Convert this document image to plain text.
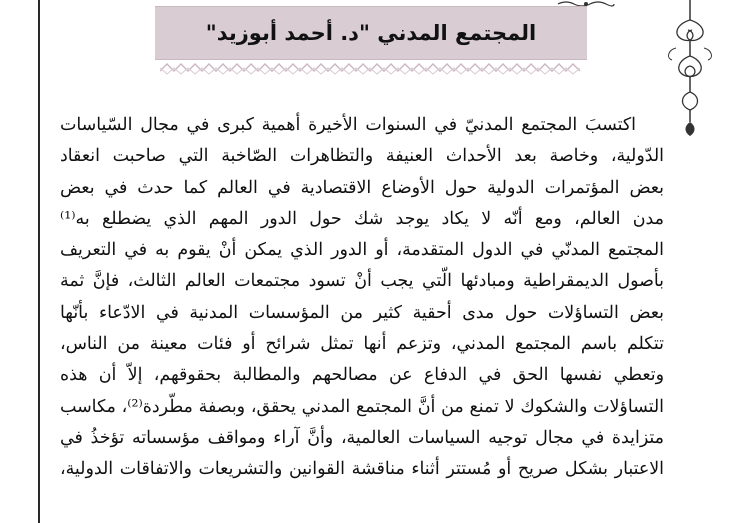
المجتمع المدني "د. أحمد أبوزيد"
اكتسبَ المجتمع المدنيّ في السنوات الأخيرة أهمية كبرى في مجال السّياسات
الدّولية، وخاصة بعد الأحداث العنيفة والتظاهرات الصّاخبة التي صاحبت انعقاد
بعض المؤتمرات الدولية حول الأوضاع الاقتصادية في العالم كما حدث في بعض
مدن العالم، ومع أنّه لا يكاد يوجد شك حول الدور المهم الذي يضطلع به⁽¹⁾
المجتمع المدنّي في الدول المتقدمة، أو الدور الذي يمكن أنْ يقوم به في التعريف
بأصول الديمقراطية ومبادئها الّتي يجب أنْ تسود مجتمعات العالم الثالث، فإنَّ ثمة
بعض التساؤلات حول مدى أحقية كثير من المؤسسات المدنية في الادّعاء بأنّها
تتكلم باسم المجتمع المدني، وتزعم أنها تمثل شرائح أو فئات معينة من الناس،
وتعطي نفسها الحق في الدفاع عن مصالحهم والمطالبة بحقوقهم، إلاّ أن هذه
التساؤلات والشكوك لا تمنع من أنَّ المجتمع المدني يحقق، وبصفة مطّردة⁽²⁾، مكاسب
متزايدة في مجال توجيه السياسات العالمية، وأنَّ آراء ومواقف مؤسساته تؤخذُ في
الاعتبار بشكل صريح أو مُستتر أثناء مناقشة القوانين والتشريعات والاتفاقات الدولية،
